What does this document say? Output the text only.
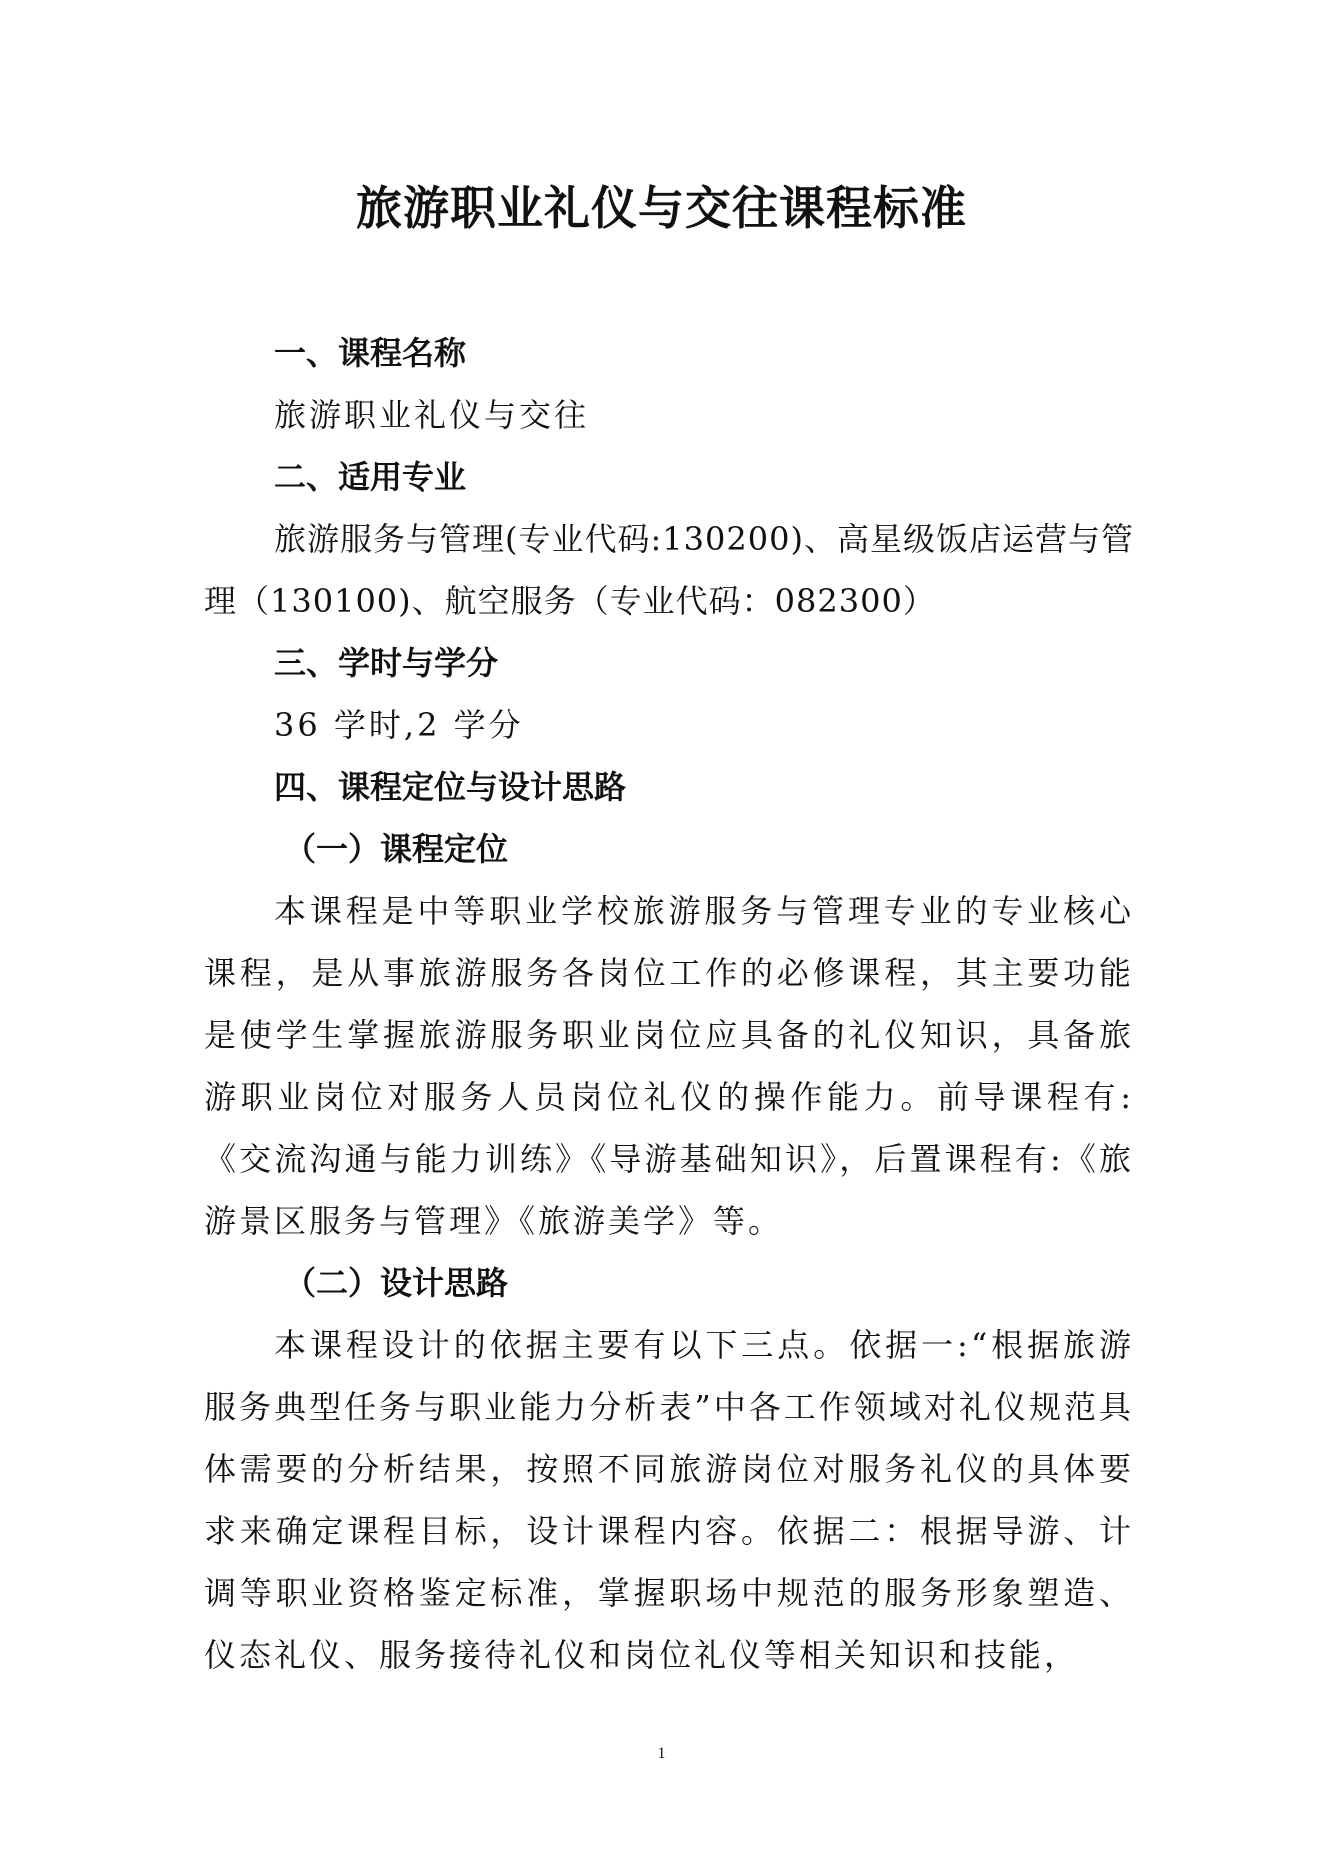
旅游职业礼仪与交往课程标准
一、课程名称

旅游职业礼仪与交往

二、适用专业

旅游服务与管理(专业代码:130200)、高星级饭店运营与管理（130100)、航空服务（专业代码：082300）

三、学时与学分

36 学时,2 学分

四、课程定位与设计思路
（一）课程定位

本课程是中等职业学校旅游服务与管理专业的专业核心课程，是从事旅游服务各岗位工作的必修课程，其主要功能是使学生掌握旅游服务职业岗位应具备的礼仪知识，具备旅游职业岗位对服务人员岗位礼仪的操作能力。前导课程有:《交流沟通与能力训练》《导游基础知识》，后置课程有:《旅游景区服务与管理》《旅游美学》等。

（二）设计思路

本课程设计的依据主要有以下三点。依据一:“根据旅游服务典型任务与职业能力分析表”中各工作领域对礼仪规范具体需要的分析结果，按照不同旅游岗位对服务礼仪的具体要求来确定课程目标，设计课程内容。依据二：根据导游、计调等职业资格鉴定标准，掌握职场中规范的服务形象塑造、仪态礼仪、服务接待礼仪和岗位礼仪等相关知识和技能，

1
